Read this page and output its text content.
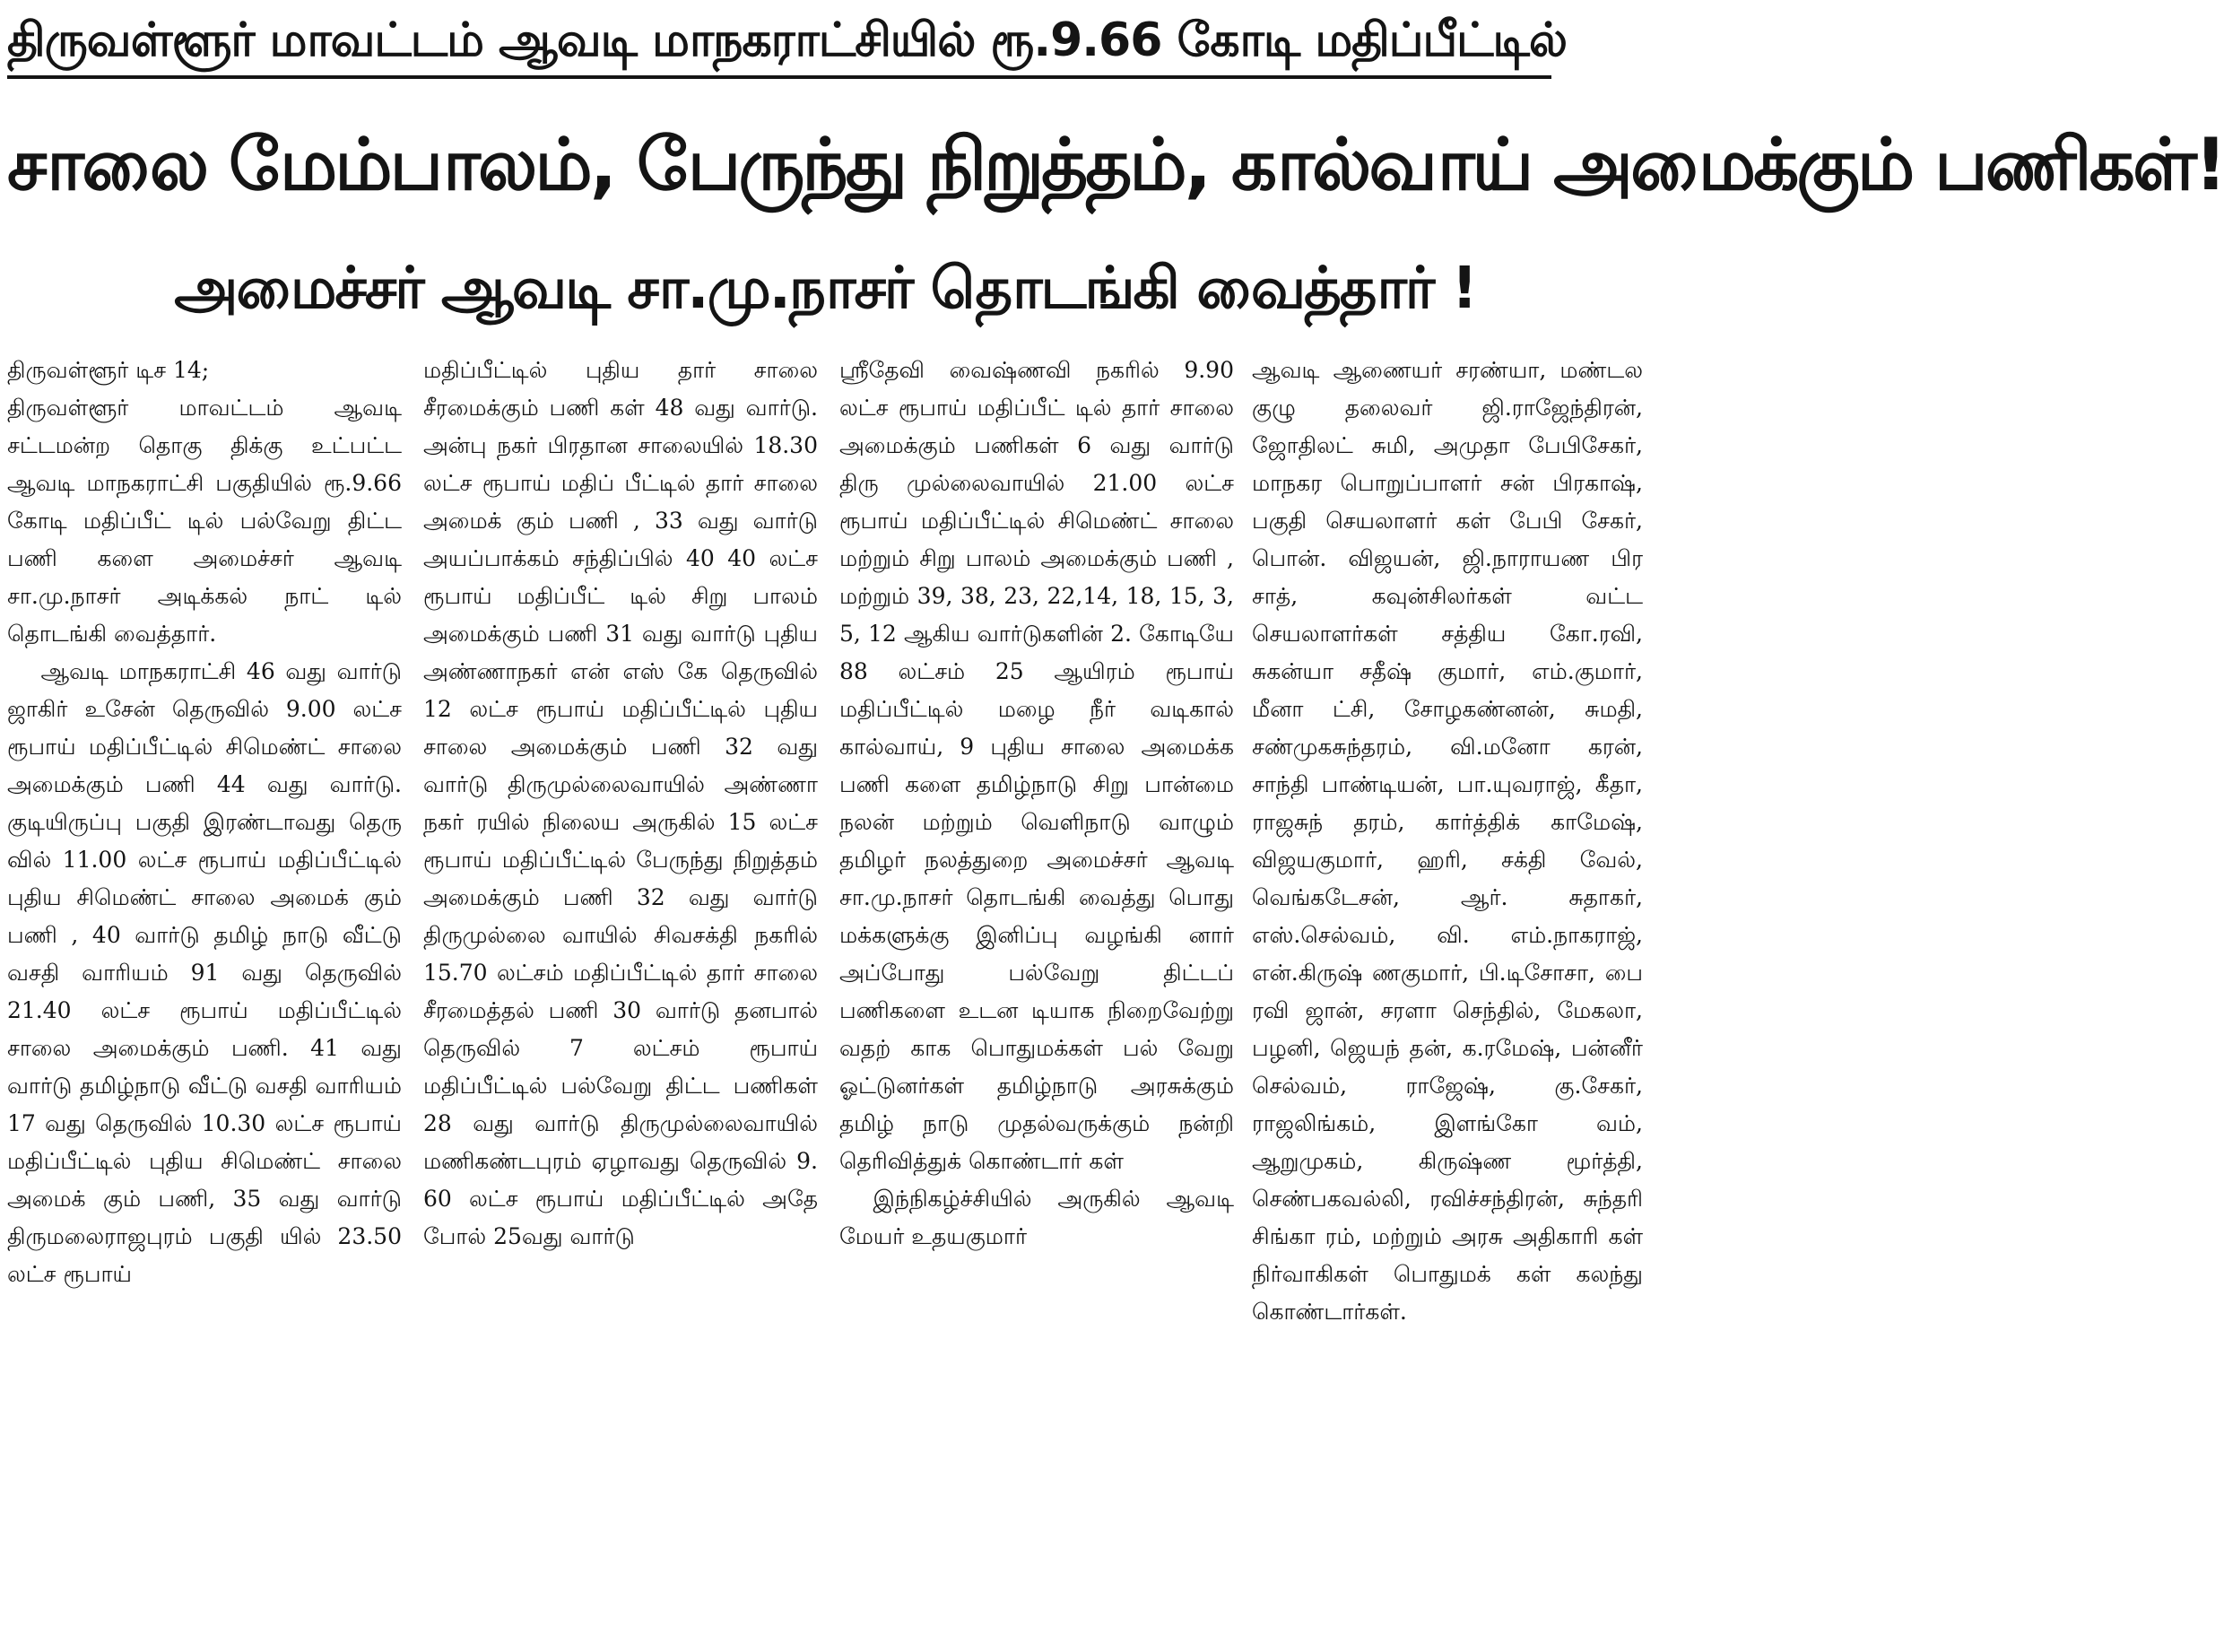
திருவள்ளூர் மாவட்டம் ஆவடி மாநகராட்சியில் ரூ.9.66 கோடி மதிப்பீட்டில்
சாலை மேம்பாலம், பேருந்து நிறுத்தம், கால்வாய் அமைக்கும் பணிகள்!
அமைச்சர் ஆவடி சா.மு.நாசர் தொடங்கி வைத்தார் !

திருவள்ளூர் டிச 14;

திருவள்ளூர் மாவட்டம் ஆவடி சட்டமன்ற தொகு திக்கு உட்பட்ட ஆவடி மாநகராட்சி பகுதியில் ரூ.9.66 கோடி மதிப்பீட் டில் பல்வேறு திட்ட பணி களை அமைச்சர் ஆவடி சா.மு.நாசர் அடிக்கல் நாட் டில் தொடங்கி வைத்தார்.

ஆவடி மாநகராட்சி 46 வது வார்டு ஜாகிர் உசேன் தெருவில் 9.00 லட்ச ரூபாய் மதிப்பீட்டில் சிமெண்ட் சாலை அமைக்கும் பணி 44 வது வார்டு. குடியிருப்பு பகுதி இரண்டாவது தெரு வில் 11.00 லட்ச ரூபாய் மதிப்பீட்டில் புதிய சிமெண்ட் சாலை அமைக் கும் பணி , 40 வார்டு தமிழ் நாடு வீட்டு வசதி வாரியம் 91 வது தெருவில் 21.40 லட்ச ரூபாய் மதிப்பீட்டில் சாலை அமைக்கும் பணி. 41 வது வார்டு தமிழ்நாடு வீட்டு வசதி வாரியம் 17 வது தெருவில் 10.30 லட்ச ரூபாய் மதிப்பீட்டில் புதிய சிமெண்ட் சாலை அமைக் கும் பணி, 35 வது வார்டு திருமலைராஜபுரம் பகுதி யில் 23.50 லட்ச ரூபாய்

மதிப்பீட்டில் புதிய தார் சாலை சீரமைக்கும் பணி கள் 48 வது வார்டு. அன்பு நகர் பிரதான சாலையில் 18.30 லட்ச ரூபாய் மதிப் பீட்டில் தார் சாலை அமைக் கும் பணி , 33 வது வார்டு அயப்பாக்கம் சந்திப்பில் 40 40 லட்ச ரூபாய் மதிப்பீட் டில் சிறு பாலம் அமைக்கும் பணி 31 வது வார்டு புதிய அண்ணாநகர் என் எஸ் கே தெருவில் 12 லட்ச ரூபாய் மதிப்பீட்டில் புதிய சாலை அமைக்கும் பணி 32 வது வார்டு திருமுல்லைவாயில் அண்ணா நகர் ரயில் நிலைய அருகில் 15 லட்ச ரூபாய் மதிப்பீட்டில் பேருந்து நிறுத்தம் அமைக்கும் பணி 32 வது வார்டு திருமுல்லை வாயில் சிவசக்தி நகரில் 15.70 லட்சம் மதிப்பீட்டில் தார் சாலை சீரமைத்தல் பணி 30 வார்டு தனபால் தெருவில் 7 லட்சம் ரூபாய் மதிப்பீட்டில் பல்வேறு திட்ட பணிகள் 28 வது வார்டு திருமுல்லைவாயில் மணிகண்டபுரம் ஏழாவது தெருவில் 9. 60 லட்ச ரூபாய் மதிப்பீட்டில் அதே போல் 25வது வார்டு

ஸ்ரீதேவி வைஷ்ணவி நகரில் 9.90 லட்ச ரூபாய் மதிப்பீட் டில் தார் சாலை அமைக்கும் பணிகள் 6 வது வார்டு திரு முல்லைவாயில் 21.00 லட்ச ரூபாய் மதிப்பீட்டில் சிமெண்ட் சாலை மற்றும் சிறு பாலம் அமைக்கும் பணி , மற்றும் 39, 38, 23, 22,14, 18, 15, 3, 5, 12 ஆகிய வார்டுகளின் 2. கோடியே 88 லட்சம் 25 ஆயிரம் ரூபாய் மதிப்பீட்டில் மழை நீர் வடிகால் கால்வாய், 9 புதிய சாலை அமைக்க பணி களை தமிழ்நாடு சிறு பான்மை நலன் மற்றும் வெளிநாடு வாழும் தமிழர் நலத்துறை அமைச்சர் ஆவடி சா.மு.நாசர் தொடங்கி வைத்து பொது மக்களுக்கு இனிப்பு வழங்கி னார் அப்போது பல்வேறு திட்டப் பணிகளை உடன டியாக நிறைவேற்று வதற் காக பொதுமக்கள் பல் வேறு ஓட்டுனர்கள் தமிழ்நாடு அரசுக்கும் தமிழ் நாடு முதல்வருக்கும் நன்றி தெரிவித்துக் கொண்டார் கள்

இந்நிகழ்ச்சியில் அருகில் ஆவடி மேயர் உதயகுமார்

ஆவடி ஆணையர் சரண்யா, மண்டல குழு தலைவர் ஜி.ராஜேந்திரன், ஜோதிலட் சுமி, அமுதா பேபிசேகர், மாநகர பொறுப்பாளர் சன் பிரகாஷ், பகுதி செயலாளர் கள் பேபி சேகர், பொன். விஜயன், ஜி.நாராயண பிர சாத், கவுன்சிலர்கள் வட்ட செயலாளர்கள் சத்திய கோ.ரவி, சுகன்யா சதீஷ் குமார், எம்.குமார், மீனா ட்சி, சோழகண்னன், சுமதி, சண்முகசுந்தரம், வி.மனோ கரன், சாந்தி பாண்டியன், பா.யுவராஜ், கீதா, ராஜசுந் தரம், கார்த்திக் காமேஷ், விஜயகுமார், ஹரி, சக்தி வேல், வெங்கடேசன், ஆர். சுதாகர், எஸ்.செல்வம், வி. எம்.நாகராஜ், என்.கிருஷ் ணகுமார், பி.டிசோசா, பை ரவி ஜான், சரளா செந்தில், மேகலா, பழனி, ஜெயந் தன், க.ரமேஷ், பன்னீர் செல்வம், ராஜேஷ், கு.சேகர், ராஜலிங்கம், இளங்கோ வம், ஆறுமுகம், கிருஷ்ண மூர்த்தி, செண்பகவல்லி, ரவிச்சந்திரன், சுந்தரி சிங்கா ரம், மற்றும் அரசு அதிகாரி கள் நிர்வாகிகள் பொதுமக் கள் கலந்து கொண்டார்கள்.
